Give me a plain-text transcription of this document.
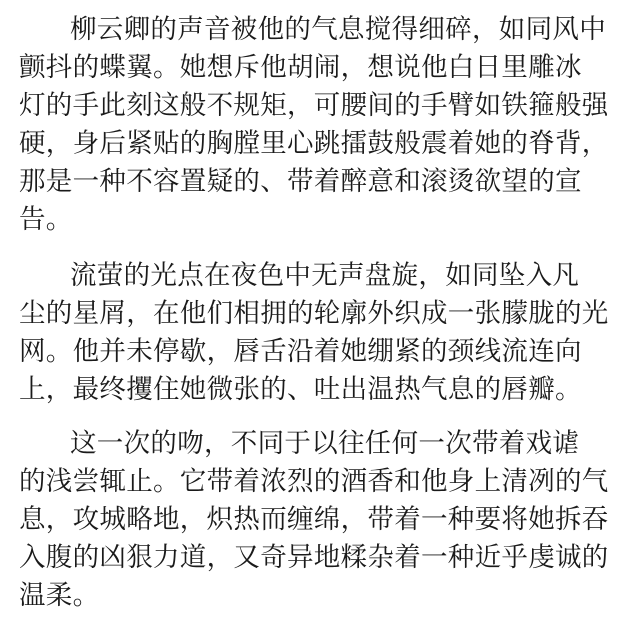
柳云卿的声音被他的气息搅得细碎，如同风中
颤抖的蝶翼。她想斥他胡闹，想说他白日里雕冰
灯的手此刻这般不规矩，可腰间的手臂如铁箍般强
硬，身后紧贴的胸膛里心跳擂鼓般震着她的脊背，
那是一种不容置疑的、带着醉意和滚烫欲望的宣
告。
流萤的光点在夜色中无声盘旋，如同坠入凡
尘的星屑，在他们相拥的轮廓外织成一张朦胧的光
网。他并未停歇，唇舌沿着她绷紧的颈线流连向
上，最终攫住她微张的、吐出温热气息的唇瓣。
这一次的吻，不同于以往任何一次带着戏谑
的浅尝辄止。它带着浓烈的酒香和他身上清冽的气
息，攻城略地，炽热而缠绵，带着一种要将她拆吞
入腹的凶狠力道，又奇异地糅杂着一种近乎虔诚的
温柔。
